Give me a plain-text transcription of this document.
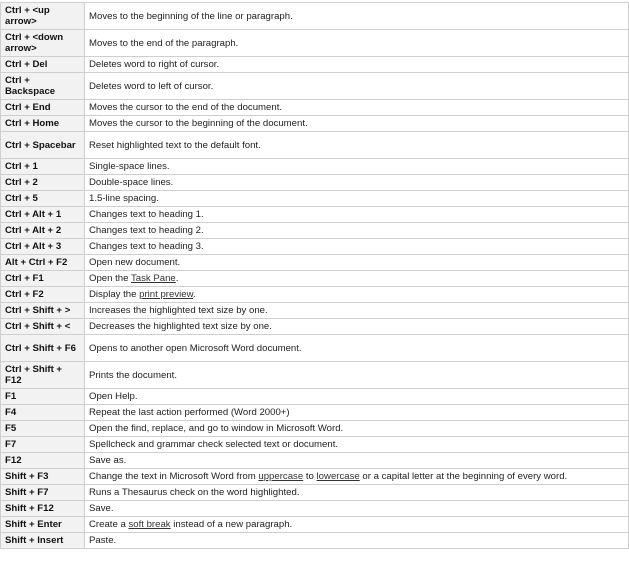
Ctrl + <up arrow>	Moves to the beginning of the line or paragraph.
Ctrl + <down arrow>	Moves to the end of the paragraph.
Ctrl + Del	Deletes word to right of cursor.
Ctrl + Backspace	Deletes word to left of cursor.
Ctrl + End	Moves the cursor to the end of the document.
Ctrl + Home	Moves the cursor to the beginning of the document.
Ctrl + Spacebar	Reset highlighted text to the default font.
Ctrl + 1	Single-space lines.
Ctrl + 2	Double-space lines.
Ctrl + 5	1.5-line spacing.
Ctrl + Alt + 1	Changes text to heading 1.
Ctrl + Alt + 2	Changes text to heading 2.
Ctrl + Alt + 3	Changes text to heading 3.
Alt + Ctrl + F2	Open new document.
Ctrl + F1	Open the Task Pane.
Ctrl + F2	Display the print preview.
Ctrl + Shift + >	Increases the highlighted text size by one.
Ctrl + Shift + <	Decreases the highlighted text size by one.
Ctrl + Shift + F6	Opens to another open Microsoft Word document.
Ctrl + Shift + F12	Prints the document.
F1	Open Help.
F4	Repeat the last action performed (Word 2000+)
F5	Open the find, replace, and go to window in Microsoft Word.
F7	Spellcheck and grammar check selected text or document.
F12	Save as.
Shift + F3	Change the text in Microsoft Word from uppercase to lowercase or a capital letter at the beginning of every word.
Shift + F7	Runs a Thesaurus check on the word highlighted.
Shift + F12	Save.
Shift + Enter	Create a soft break instead of a new paragraph.
Shift + Insert	Paste.
